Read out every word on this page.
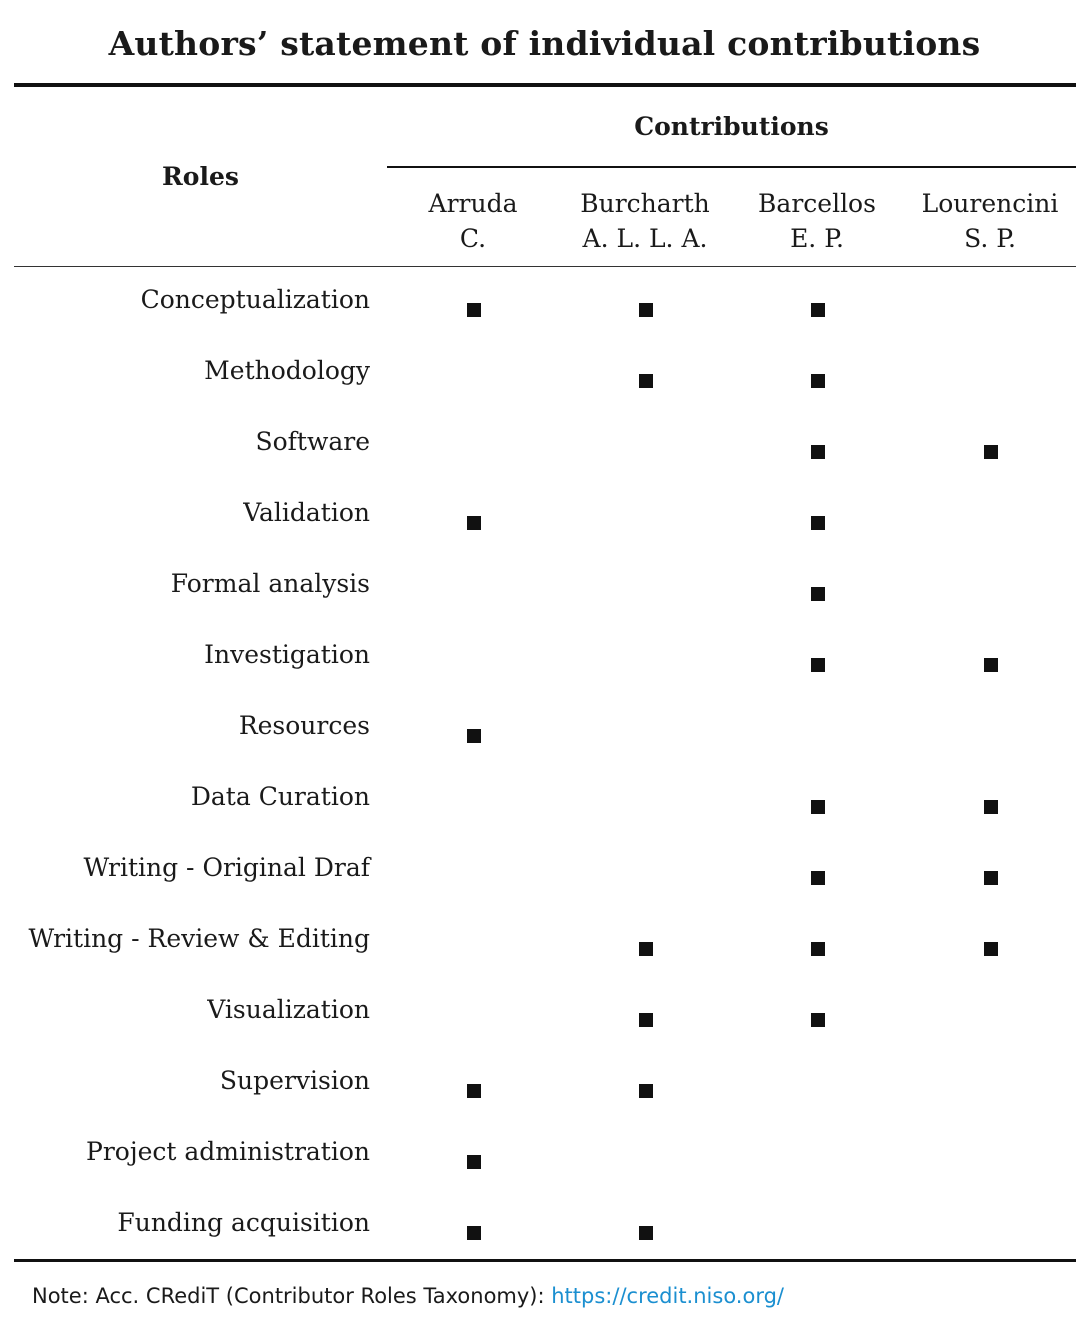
Authors’ statement of individual contributions
Contributions
Roles
Arruda
C.
Burcharth
A. L. L. A.
Barcellos
E. P.
Lourencini
S. P.
Conceptualization
Methodology
Software
Validation
Formal analysis
Investigation
Resources
Data Curation
Writing - Original Draf
Writing - Review & Editing
Visualization
Supervision
Project administration
Funding acquisition
Note: Acc. CRediT (Contributor Roles Taxonomy): https://credit.niso.org/
